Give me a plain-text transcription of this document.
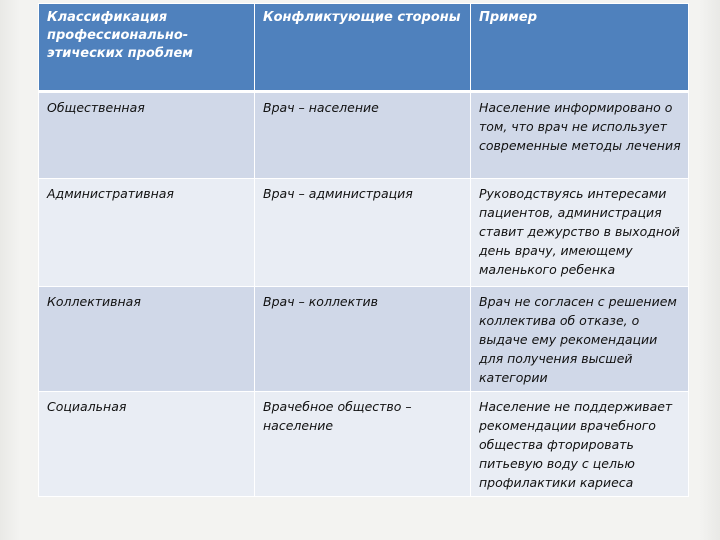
Классификация профессионально-этических проблем	Конфликтующие стороны	Пример
Общественная	Врач – население	Население информировано о том, что врач не использует современные методы лечения
Административная	Врач – администрация	Руководствуясь интересами пациентов, администрация ставит дежурство в выходной день врачу, имеющему маленького ребенка
Коллективная	Врач – коллектив	Врач не согласен с решением коллектива об отказе, о выдаче ему рекомендации для получения высшей категории
Социальная	Врачебное общество – население	Население не поддерживает рекомендации врачебного общества фторировать питьевую воду с целью профилактики кариеса
